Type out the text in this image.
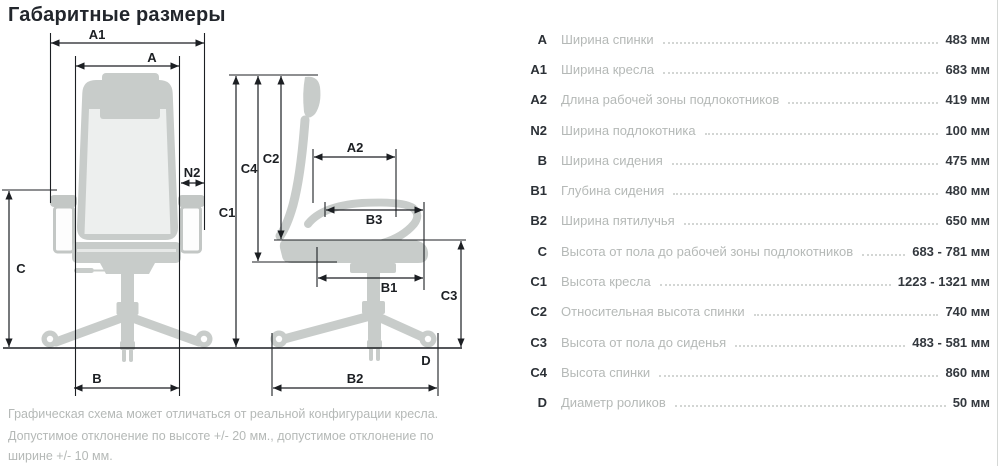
Габаритные размеры
A1
A
N2
C
B
C1
C4
C2
A2
B3
B1
C3
B2
D
A Ширина спинки	483 мм
A1 Ширина кресла	683 мм
A2 Длина рабочей зоны подлокотников	419 мм
N2 Ширина подлокотника	100 мм
B Ширина сидения	475 мм
B1 Глубина сидения	480 мм
B2 Ширина пятилучья	650 мм
C Высота от пола до рабочей зоны подлокотников	683 - 781 мм
C1 Высота кресла	1223 - 1321 мм
C2 Относительная высота спинки	740 мм
C3 Высота от пола до сиденья	483 - 581 мм
C4 Высота спинки	860 мм
D Диаметр роликов	50 мм

Графическая схема может отличаться от реальной конфигурации кресла.

Допустимое отклонение по высоте +/- 20 мм., допустимое отклонение по ширине +/- 10 мм.
